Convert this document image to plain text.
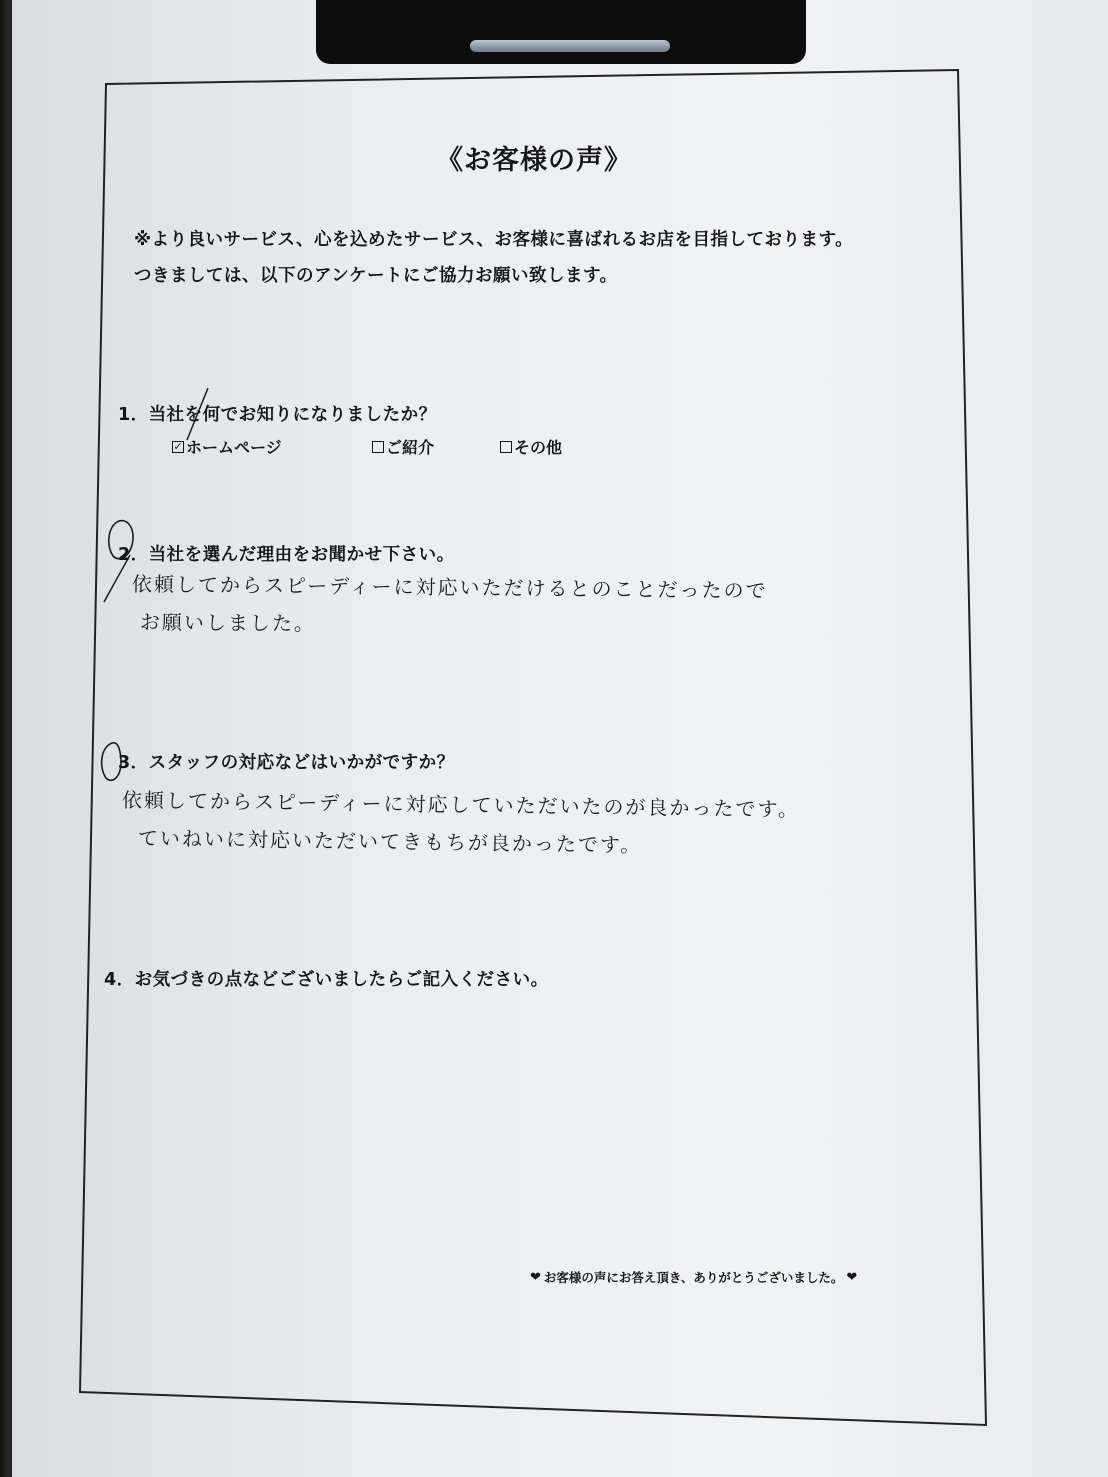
《お客様の声》
※より良いサービス、心を込めたサービス、お客様に喜ばれるお店を目指しております。
つきましては、以下のアンケートにご協力お願い致します。
1．当社を何でお知りになりましたか？
✓ ホームページ	ご紹介	その他
2．当社を選んだ理由をお聞かせ下さい。
依頼してからスピーディーに対応いただけるとのことだったので
お願いしました。
3．スタッフの対応などはいかがですか？
依頼してからスピーディーに対応していただいたのが良かったです。
ていねいに対応いただいてきもちが良かったです。
4．お気づきの点などございましたらご記入ください。
❤ お客様の声にお答え頂き、ありがとうございました。 ❤
